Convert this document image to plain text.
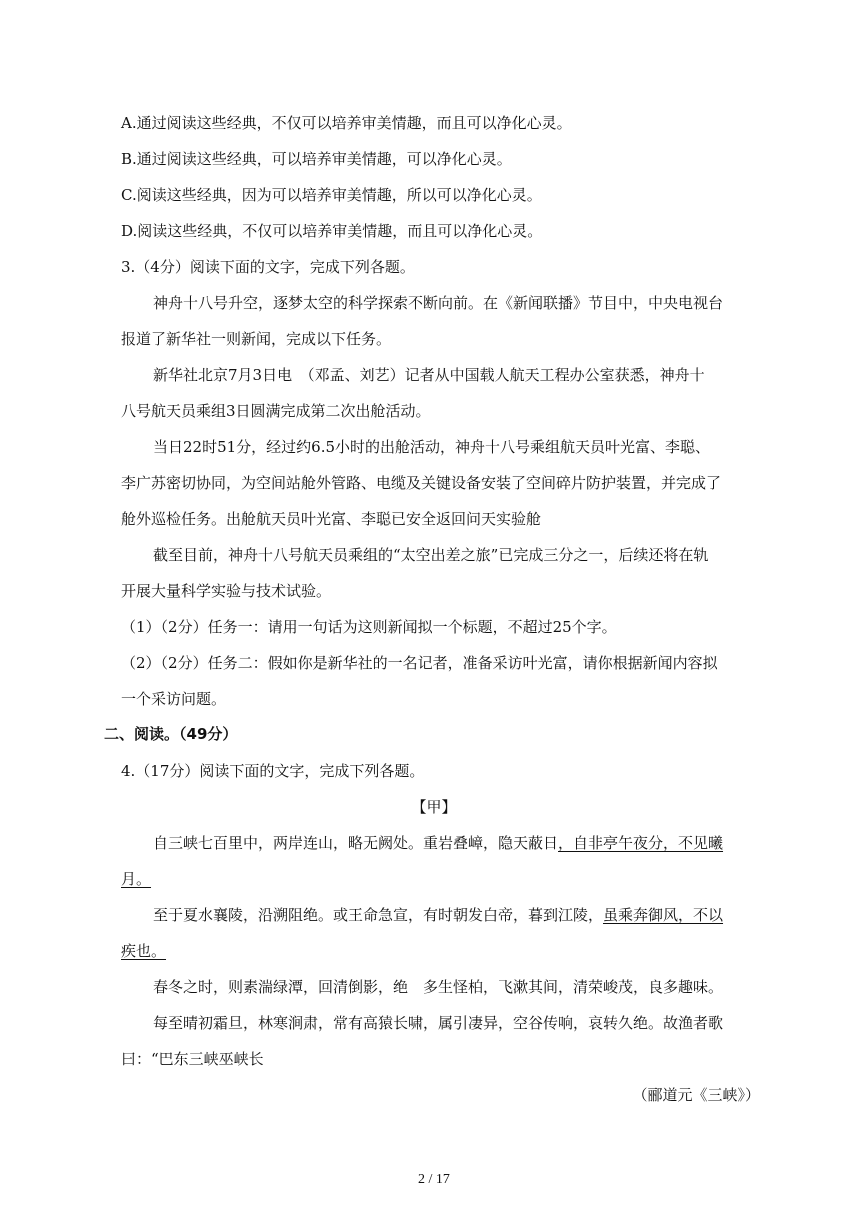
A.通过阅读这些经典，不仅可以培养审美情趣，而且可以净化心灵。
B.通过阅读这些经典，可以培养审美情趣，可以净化心灵。
C.阅读这些经典，因为可以培养审美情趣，所以可以净化心灵。
D.阅读这些经典，不仅可以培养审美情趣，而且可以净化心灵。
3.（4分）阅读下面的文字，完成下列各题。
神舟十八号升空，逐梦太空的科学探索不断向前。在《新闻联播》节目中，中央电视台
报道了新华社一则新闻，完成以下任务。
新华社北京7月3日电　（邓孟、刘艺）记者从中国载人航天工程办公室获悉，神舟十
八号航天员乘组3日圆满完成第二次出舱活动。
当日22时51分，经过约6.5小时的出舱活动，神舟十八号乘组航天员叶光富、李聪、
李广苏密切协同，为空间站舱外管路、电缆及关键设备安装了空间碎片防护装置，并完成了
舱外巡检任务。出舱航天员叶光富、李聪已安全返回问天实验舱
截至目前，神舟十八号航天员乘组的“太空出差之旅”已完成三分之一，后续还将在轨
开展大量科学实验与技术试验。
（1）（2分）任务一：请用一句话为这则新闻拟一个标题，不超过25个字。
（2）（2分）任务二：假如你是新华社的一名记者，准备采访叶光富，请你根据新闻内容拟
一个采访问题。
二、阅读。（49分）
4.（17分）阅读下面的文字，完成下列各题。
【甲】
自三峡七百里中，两岸连山，略无阙处。重岩叠嶂，隐天蔽日，自非亭午夜分，不见曦
月。
至于夏水襄陵，沿溯阻绝。或王命急宣，有时朝发白帝，暮到江陵，虽乘奔御风，不以
疾也。
春冬之时，则素湍绿潭，回清倒影，绝　多生怪柏，飞漱其间，清荣峻茂，良多趣味。
每至晴初霜旦，林寒涧肃，常有高猿长啸，属引凄异，空谷传响，哀转久绝。故渔者歌
曰：“巴东三峡巫峡长
（郦道元《三峡》）
2 / 17
